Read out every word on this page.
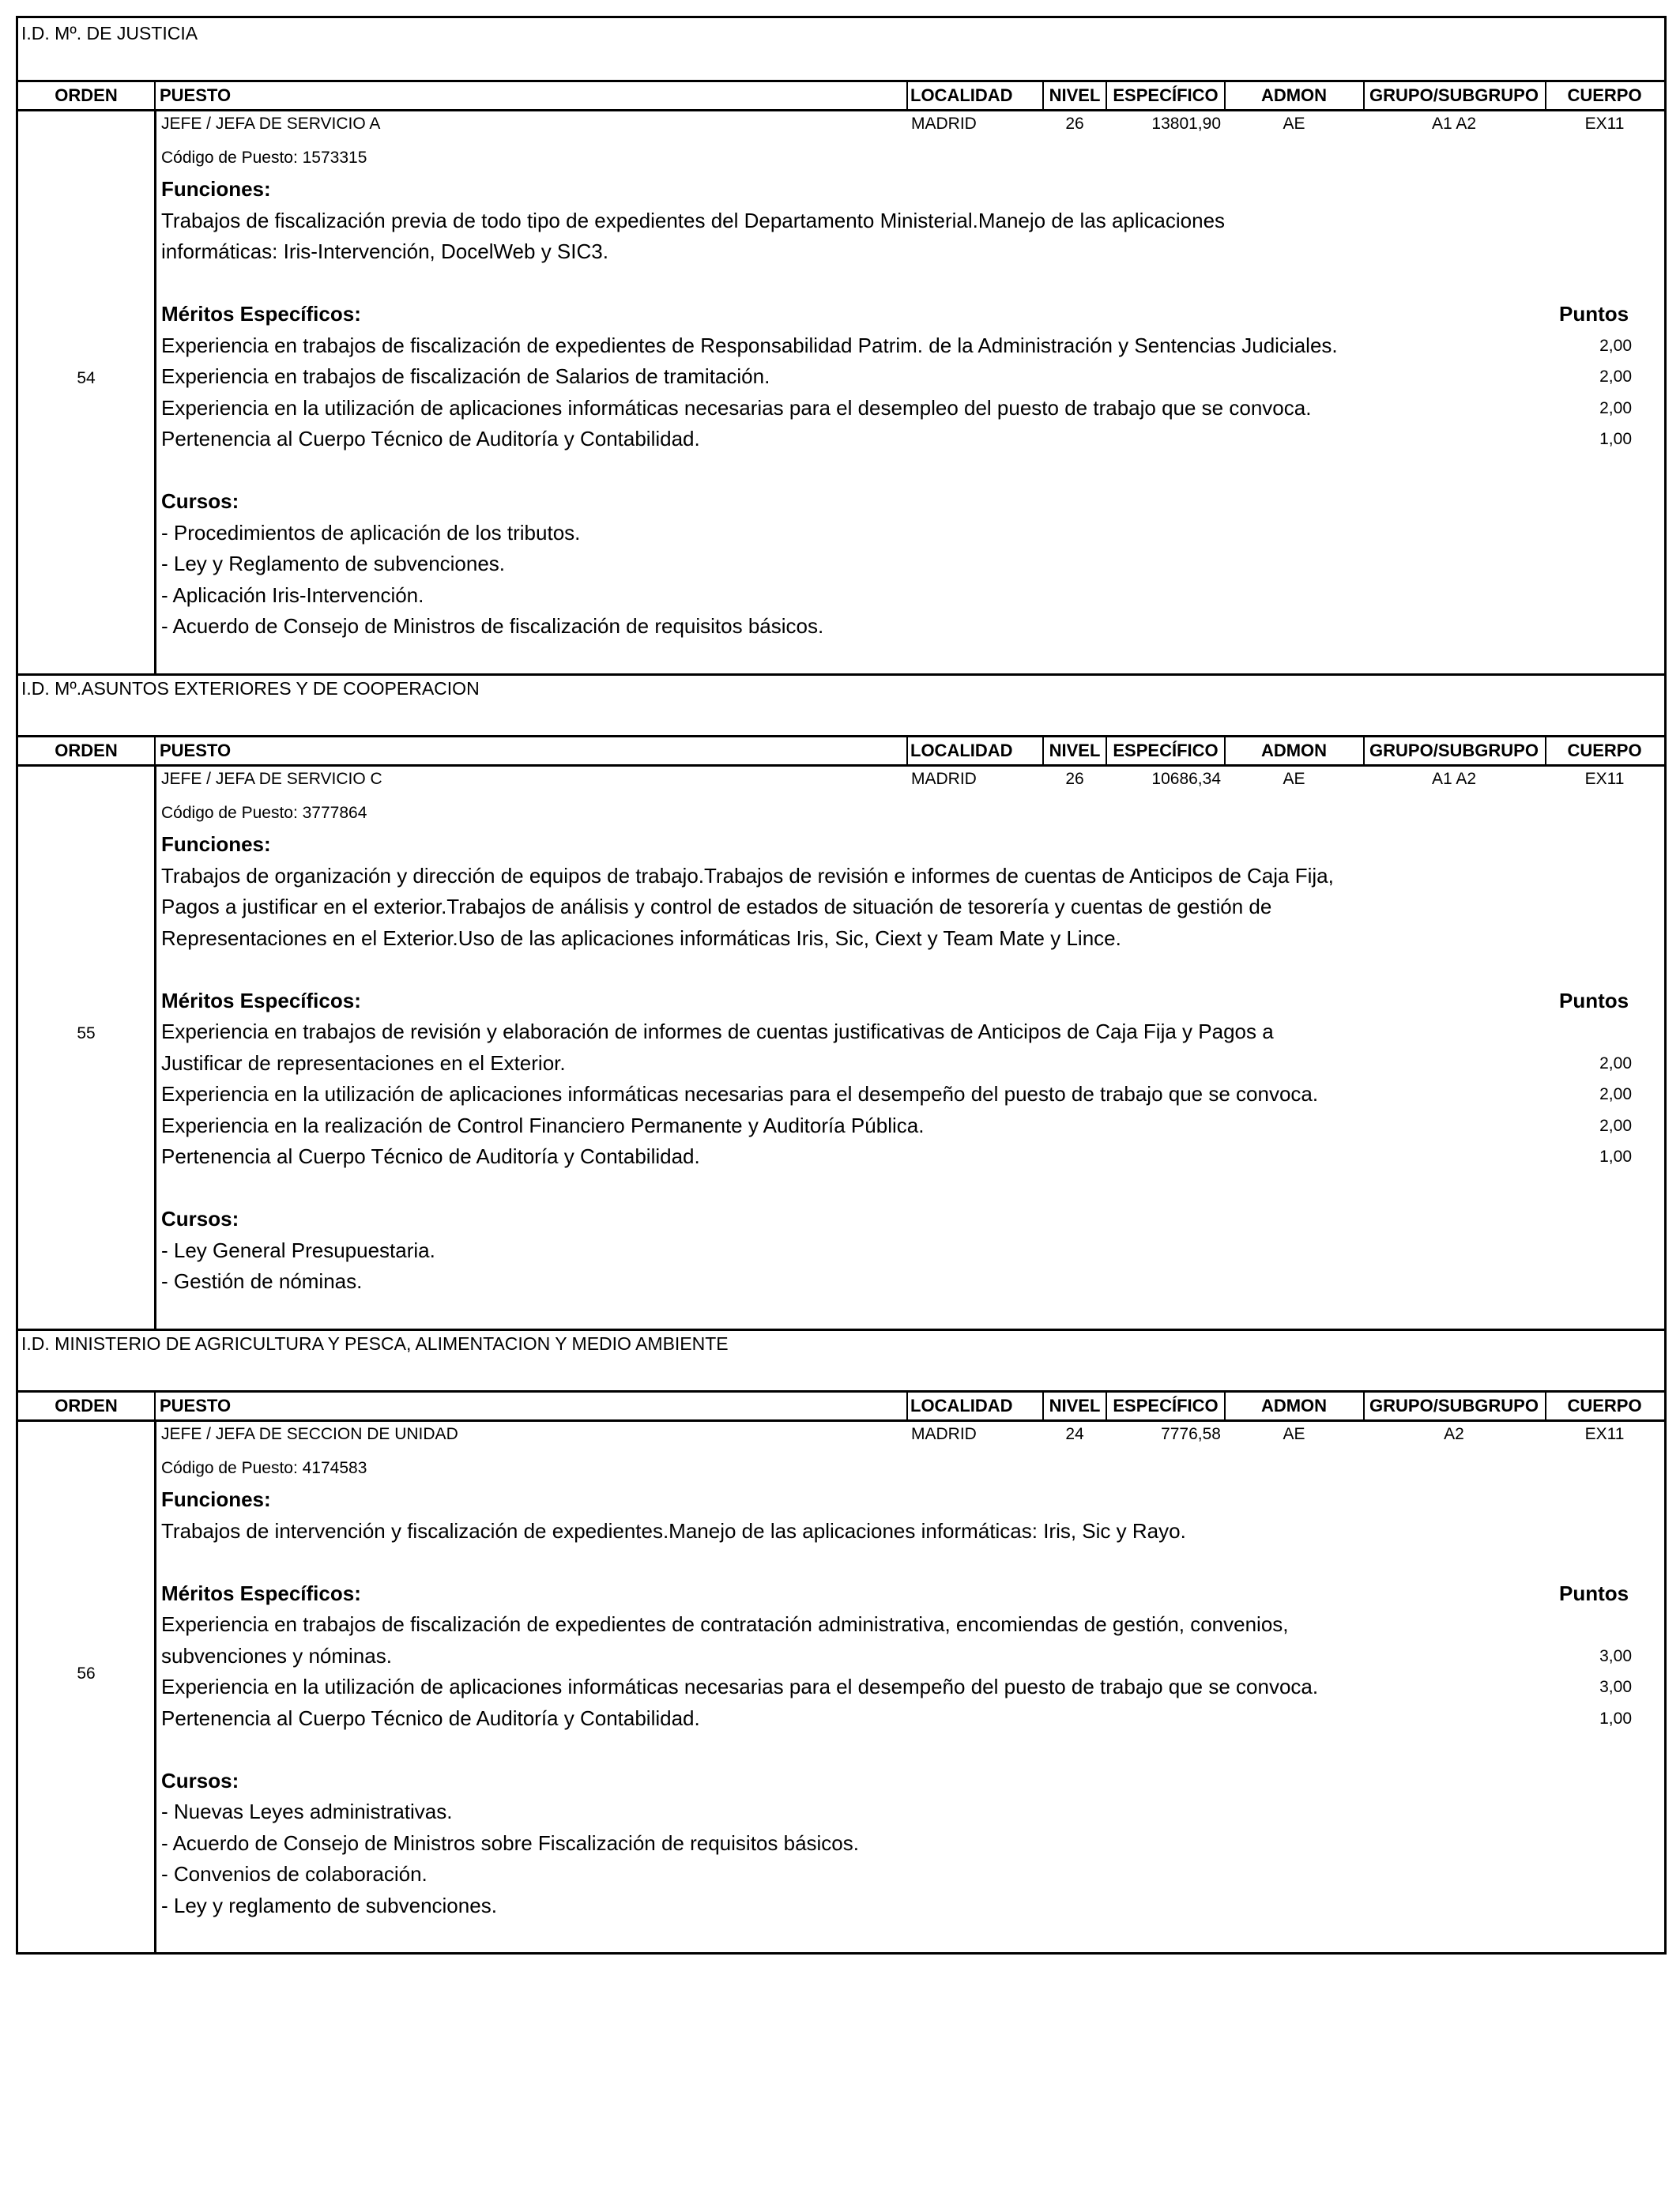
I.D. Mº. DE JUSTICIA
ORDEN	PUESTO	LOCALIDAD	NIVEL ESPECÍFICO	ADMON	GRUPO/SUBGRUPO	CUERPO
54
JEFE / JEFA DE SERVICIO A	MADRID	26	13801,90	AE	A1 A2	EX11
Código de Puesto: 1573315
Funciones:
Trabajos de fiscalización previa de todo tipo de expedientes del Departamento Ministerial.Manejo de las aplicaciones
informáticas: Iris-Intervención, DocelWeb y SIC3.
Méritos Específicos:	Puntos
Experiencia en trabajos de fiscalización de expedientes de Responsabilidad Patrim. de la Administración y Sentencias Judiciales.	2,00
Experiencia en trabajos de fiscalización de Salarios de tramitación.	2,00
Experiencia en la utilización de aplicaciones informáticas necesarias para el desempleo del puesto de trabajo que se convoca.	2,00
Pertenencia al Cuerpo Técnico de Auditoría y Contabilidad.	1,00
Cursos:
- Procedimientos de aplicación de los tributos.
- Ley y Reglamento de subvenciones.
- Aplicación Iris-Intervención.
- Acuerdo de Consejo de Ministros de fiscalización de requisitos básicos.
I.D. Mº.ASUNTOS EXTERIORES Y DE COOPERACION
ORDEN	PUESTO	LOCALIDAD	NIVEL ESPECÍFICO	ADMON	GRUPO/SUBGRUPO	CUERPO
55
JEFE / JEFA DE SERVICIO C	MADRID	26	10686,34	AE	A1 A2	EX11
Código de Puesto: 3777864
Funciones:
Trabajos de organización y dirección de equipos de trabajo.Trabajos de revisión e informes de cuentas de Anticipos de Caja Fija,
Pagos a justificar en el exterior.Trabajos de análisis y control de estados de situación de tesorería y cuentas de gestión de
Representaciones en el Exterior.Uso de las aplicaciones informáticas Iris, Sic, Ciext y Team Mate y Lince.
Méritos Específicos:	Puntos
Experiencia en trabajos de revisión y elaboración de informes de cuentas justificativas de Anticipos de Caja Fija y Pagos a
Justificar de representaciones en el Exterior.	2,00
Experiencia en la utilización de aplicaciones informáticas necesarias para el desempeño del puesto de trabajo que se convoca.	2,00
Experiencia en la realización de Control Financiero Permanente y Auditoría Pública.	2,00
Pertenencia al Cuerpo Técnico de Auditoría y Contabilidad.	1,00
Cursos:
- Ley General Presupuestaria.
- Gestión de nóminas.
I.D. MINISTERIO DE AGRICULTURA Y PESCA, ALIMENTACION Y MEDIO AMBIENTE
ORDEN	PUESTO	LOCALIDAD	NIVEL ESPECÍFICO	ADMON	GRUPO/SUBGRUPO	CUERPO
56
JEFE / JEFA DE SECCION DE UNIDAD	MADRID	24	7776,58	AE	A2	EX11
Código de Puesto: 4174583
Funciones:
Trabajos de intervención y fiscalización de expedientes.Manejo de las aplicaciones informáticas: Iris, Sic y Rayo.
Méritos Específicos:	Puntos
Experiencia en trabajos de fiscalización de expedientes de contratación administrativa, encomiendas de gestión, convenios,
subvenciones y nóminas.	3,00
Experiencia en la utilización de aplicaciones informáticas necesarias para el desempeño del puesto de trabajo que se convoca.	3,00
Pertenencia al Cuerpo Técnico de Auditoría y Contabilidad.	1,00
Cursos:
- Nuevas Leyes administrativas.
- Acuerdo de Consejo de Ministros sobre Fiscalización de requisitos básicos.
- Convenios de colaboración.
- Ley y reglamento de subvenciones.
